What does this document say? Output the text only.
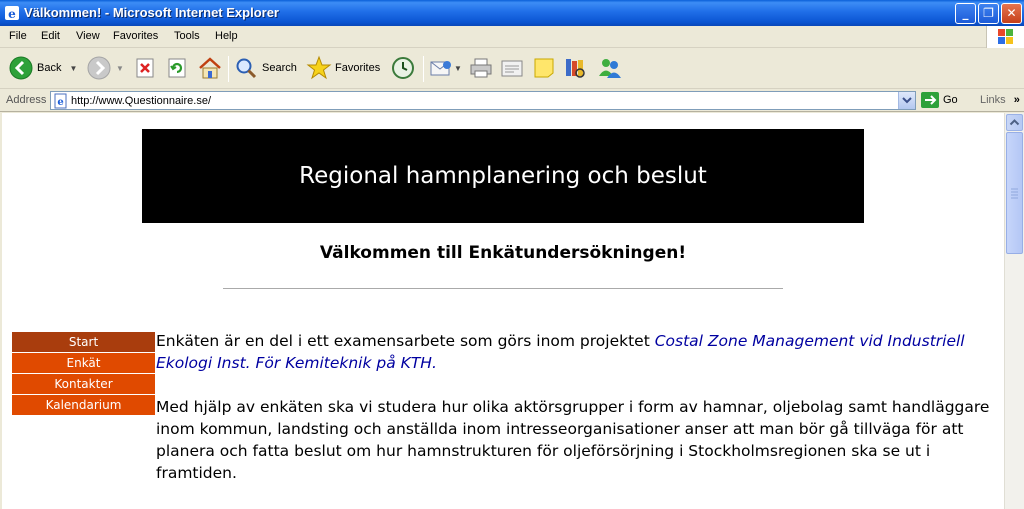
e Välkommen! - Microsoft Internet Explorer	_	❐	✕
File Edit View Favorites Tools Help
Back ▼	▼	Search	Favorites	▼
Address e http://www.Questionnaire.se/	Go Links »
Regional hamnplanering och beslut
Välkommen till Enkätundersökningen!
Start
Enkät
Kontakter
Kalendarium
Enkäten är en del i ett examensarbete som görs inom projektet Costal Zone Management vid Industriell Ekologi Inst. För Kemiteknik på KTH.
Med hjälp av enkäten ska vi studera hur olika aktörsgrupper i form av hamnar, oljebolag samt handläggare inom kommun, landsting och anställda inom intresseorganisationer anser att man bör gå tillväga för att planera och fatta beslut om hur hamnstrukturen för oljeförsörjning i Stockholmsregionen ska se ut i framtiden.
